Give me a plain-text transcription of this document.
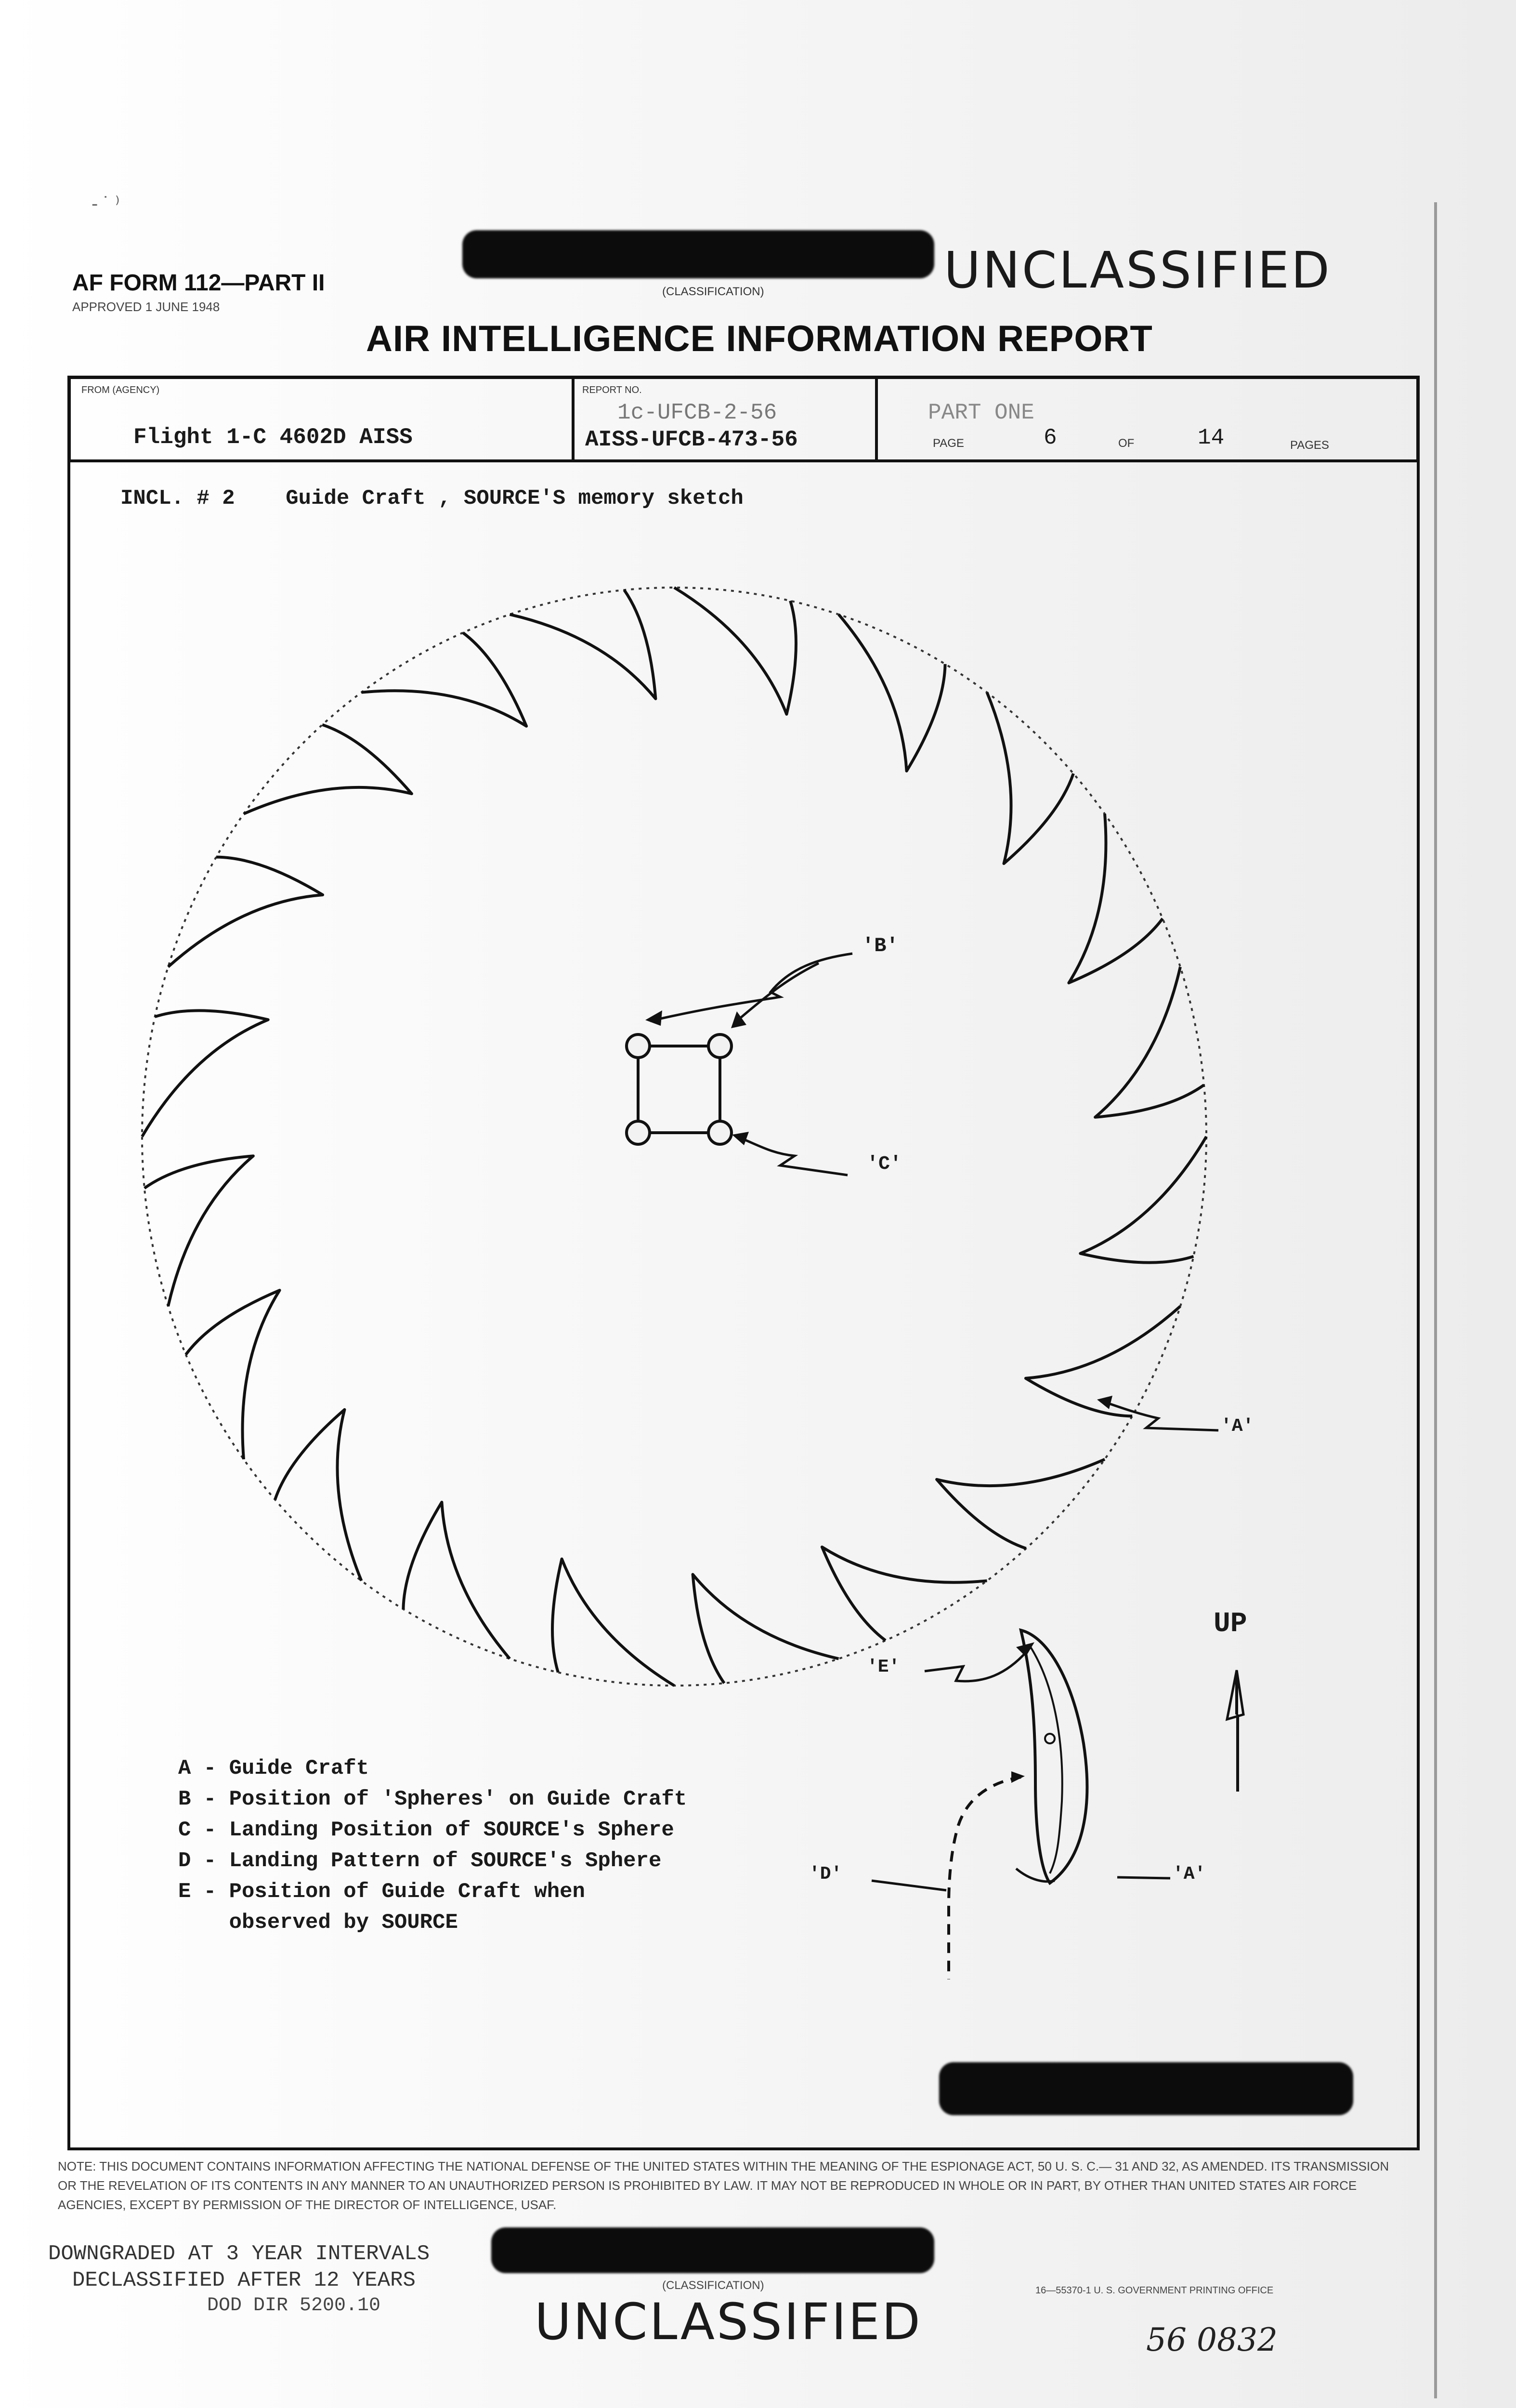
‑ ˙ ⁾
AF FORM 112—PART II
APPROVED 1 JUNE 1948
(CLASSIFICATION)	UNCLASSIFIED
AIR INTELLIGENCE INFORMATION REPORT
FROM (AGENCY)
Flight 1-C 4602D AISS
REPORT NO.
1c-UFCB-2-56
AISS-UFCB-473-56
PART ONE
PAGE	6	OF	14	PAGES
INCL. # 2    Guide Craft , SOURCE'S memory sketch
'B'
'C'
'A'
UP
'E'
'D'	'A'
A - Guide Craft
B - Position of 'Spheres' on Guide Craft
C - Landing Position of SOURCE's Sphere
D - Landing Pattern of SOURCE's Sphere
E - Position of Guide Craft when
observed by SOURCE
NOTE: THIS DOCUMENT CONTAINS INFORMATION AFFECTING THE NATIONAL DEFENSE OF THE UNITED STATES WITHIN THE MEANING OF THE ESPIONAGE ACT, 50 U. S. C.— 31 AND 32, AS AMENDED. ITS TRANSMISSION OR THE REVELATION OF ITS CONTENTS IN ANY MANNER TO AN UNAUTHORIZED PERSON IS PROHIBITED BY LAW. IT MAY NOT BE REPRODUCED IN WHOLE OR IN PART, BY OTHER THAN UNITED STATES AIR FORCE AGENCIES, EXCEPT BY PERMISSION OF THE DIRECTOR OF INTELLIGENCE, USAF.
DOWNGRADED AT 3 YEAR INTERVALS
DECLASSIFIED AFTER 12 YEARS
DOD DIR 5200.10
(CLASSIFICATION)
UNCLASSIFIED
16—55370-1 U. S. GOVERNMENT PRINTING OFFICE
56 0832
